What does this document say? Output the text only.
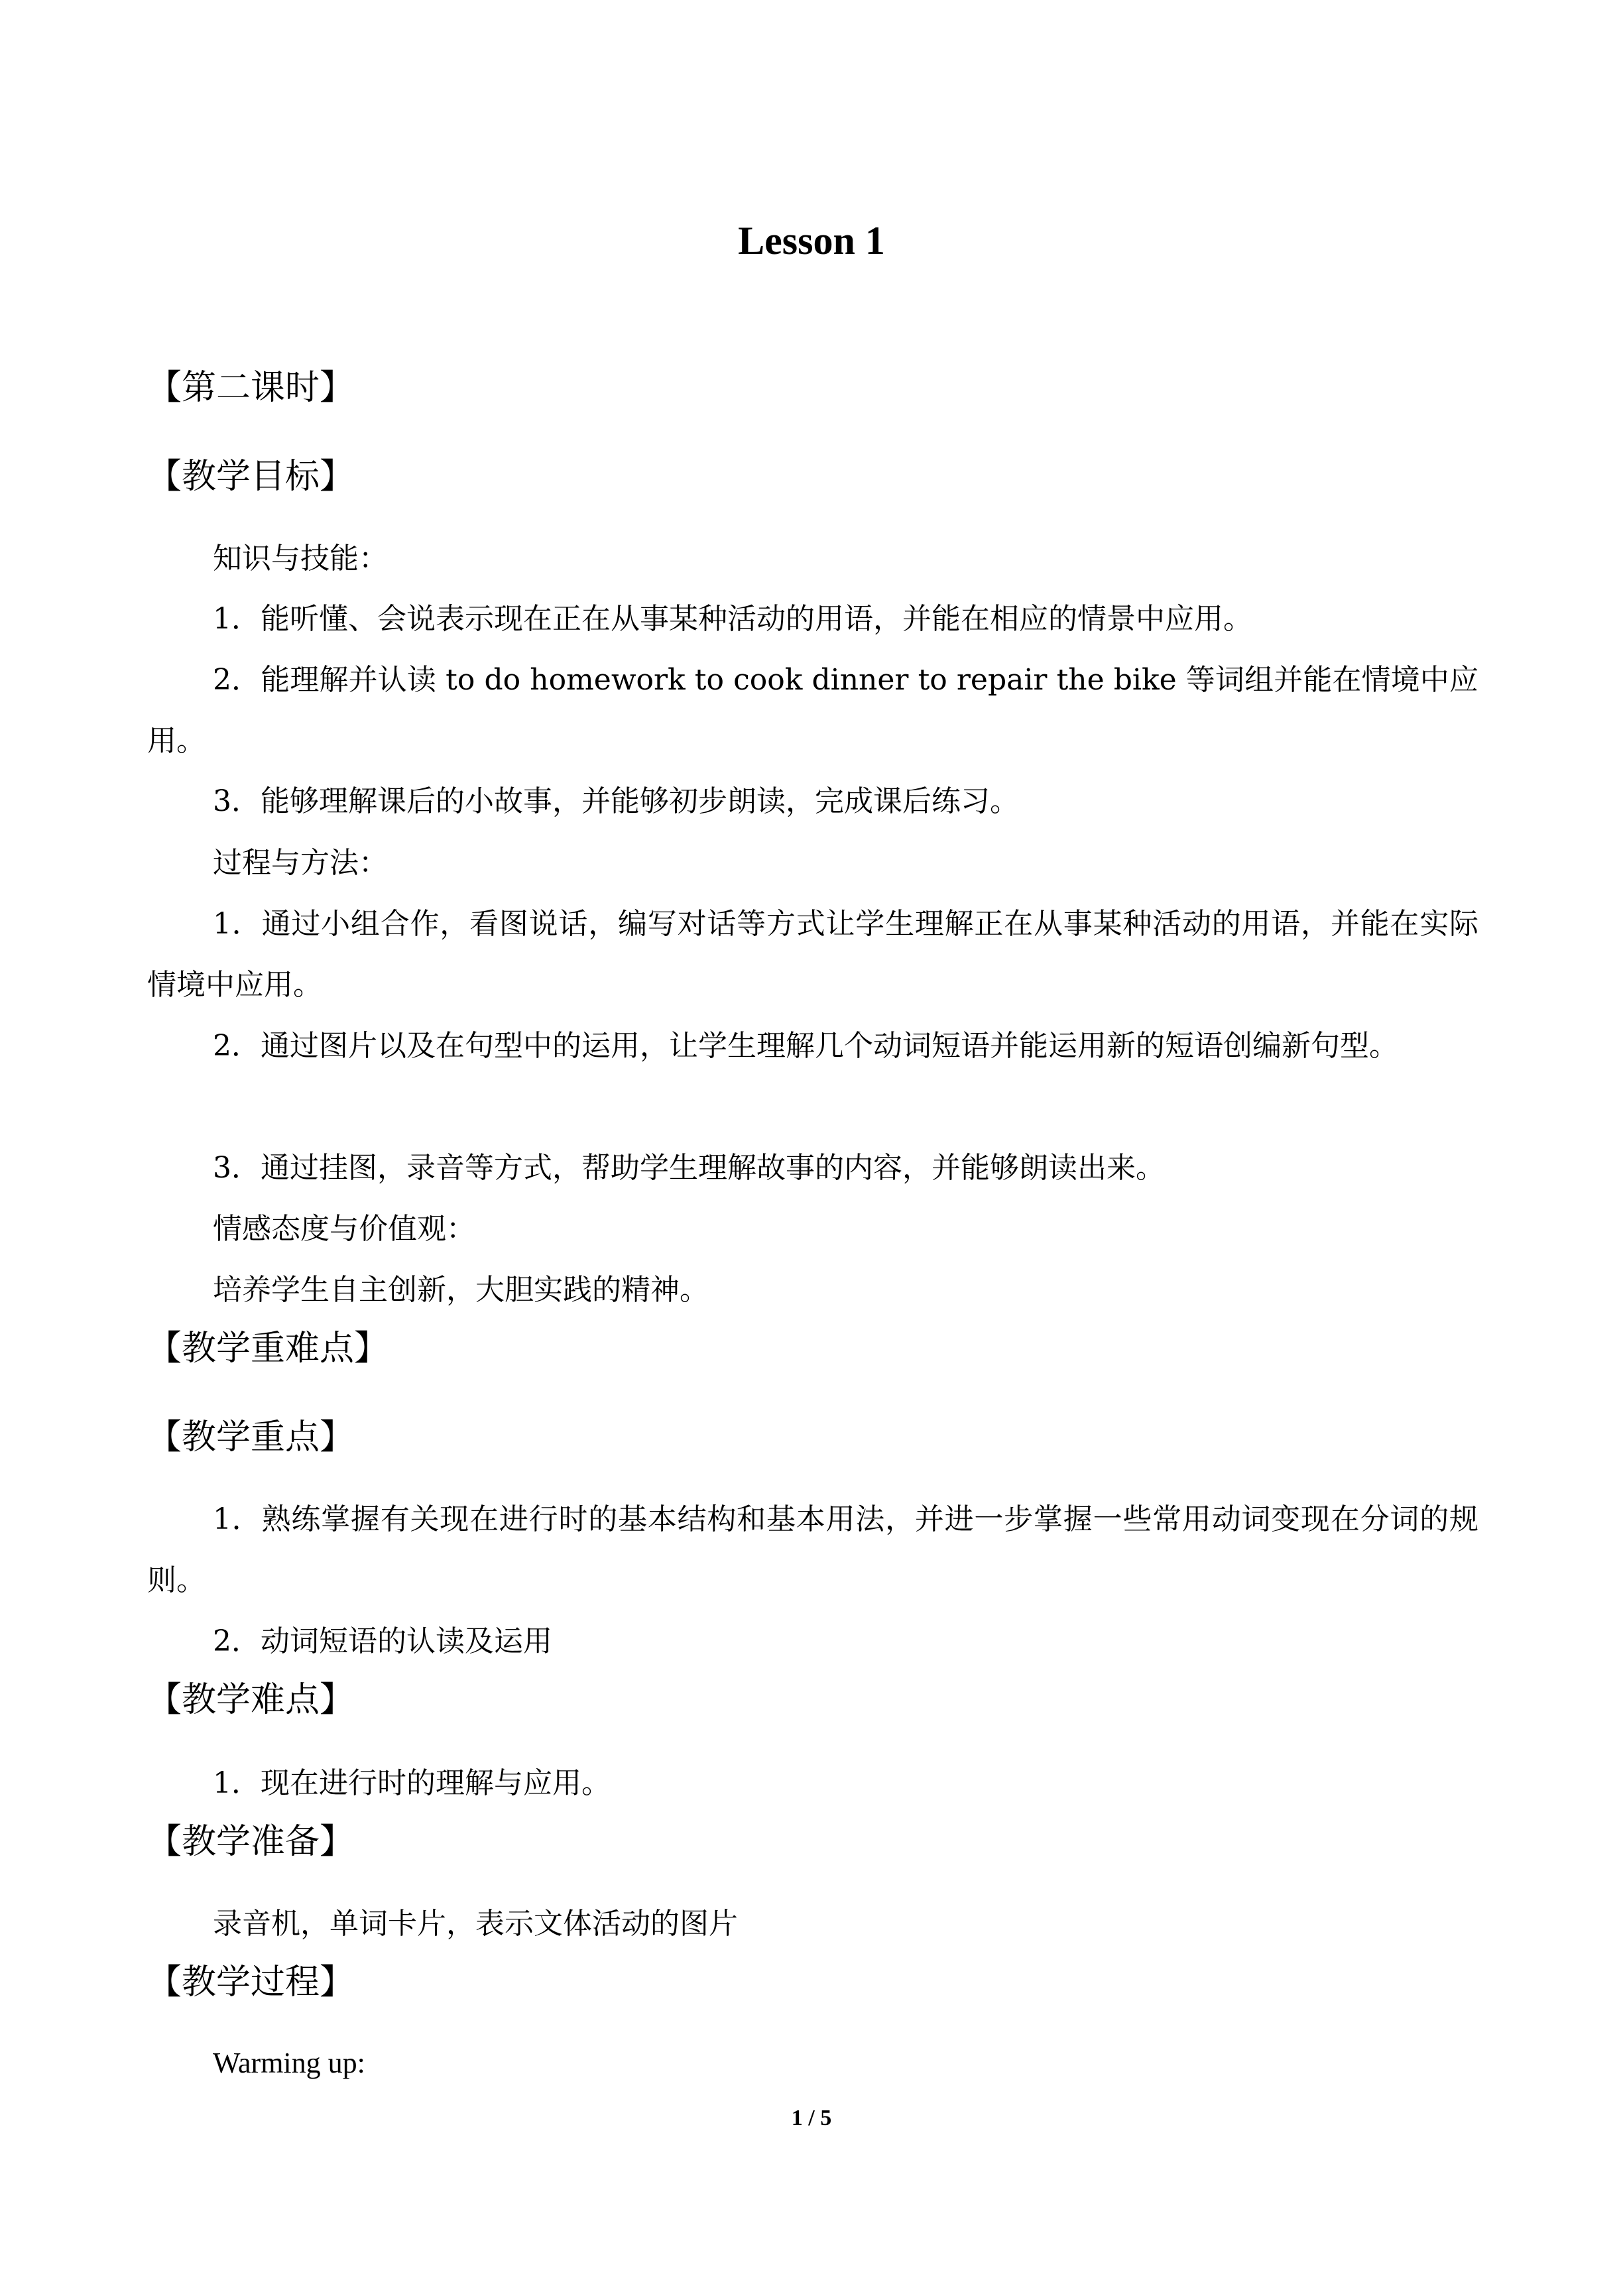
Lesson 1
【第二课时】
【教学目标】

知识与技能：

1．能听懂、会说表示现在正在从事某种活动的用语，并能在相应的情景中应用。

2．能理解并认读 to do homework to cook dinner to repair the bike 等词组并能在情境中应用。

3．能够理解课后的小故事，并能够初步朗读，完成课后练习。

过程与方法：

1．通过小组合作，看图说话，编写对话等方式让学生理解正在从事某种活动的用语，并能在实际情境中应用。

2．通过图片以及在句型中的运用，让学生理解几个动词短语并能运用新的短语创编新句型。

3．通过挂图，录音等方式，帮助学生理解故事的内容，并能够朗读出来。

情感态度与价值观：

培养学生自主创新，大胆实践的精神。

【教学重难点】
【教学重点】

1．熟练掌握有关现在进行时的基本结构和基本用法，并进一步掌握一些常用动词变现在分词的规则。

2．动词短语的认读及运用

【教学难点】

1．现在进行时的理解与应用。

【教学准备】

录音机，单词卡片，表示文体活动的图片

【教学过程】

Warming up:

1 / 5
